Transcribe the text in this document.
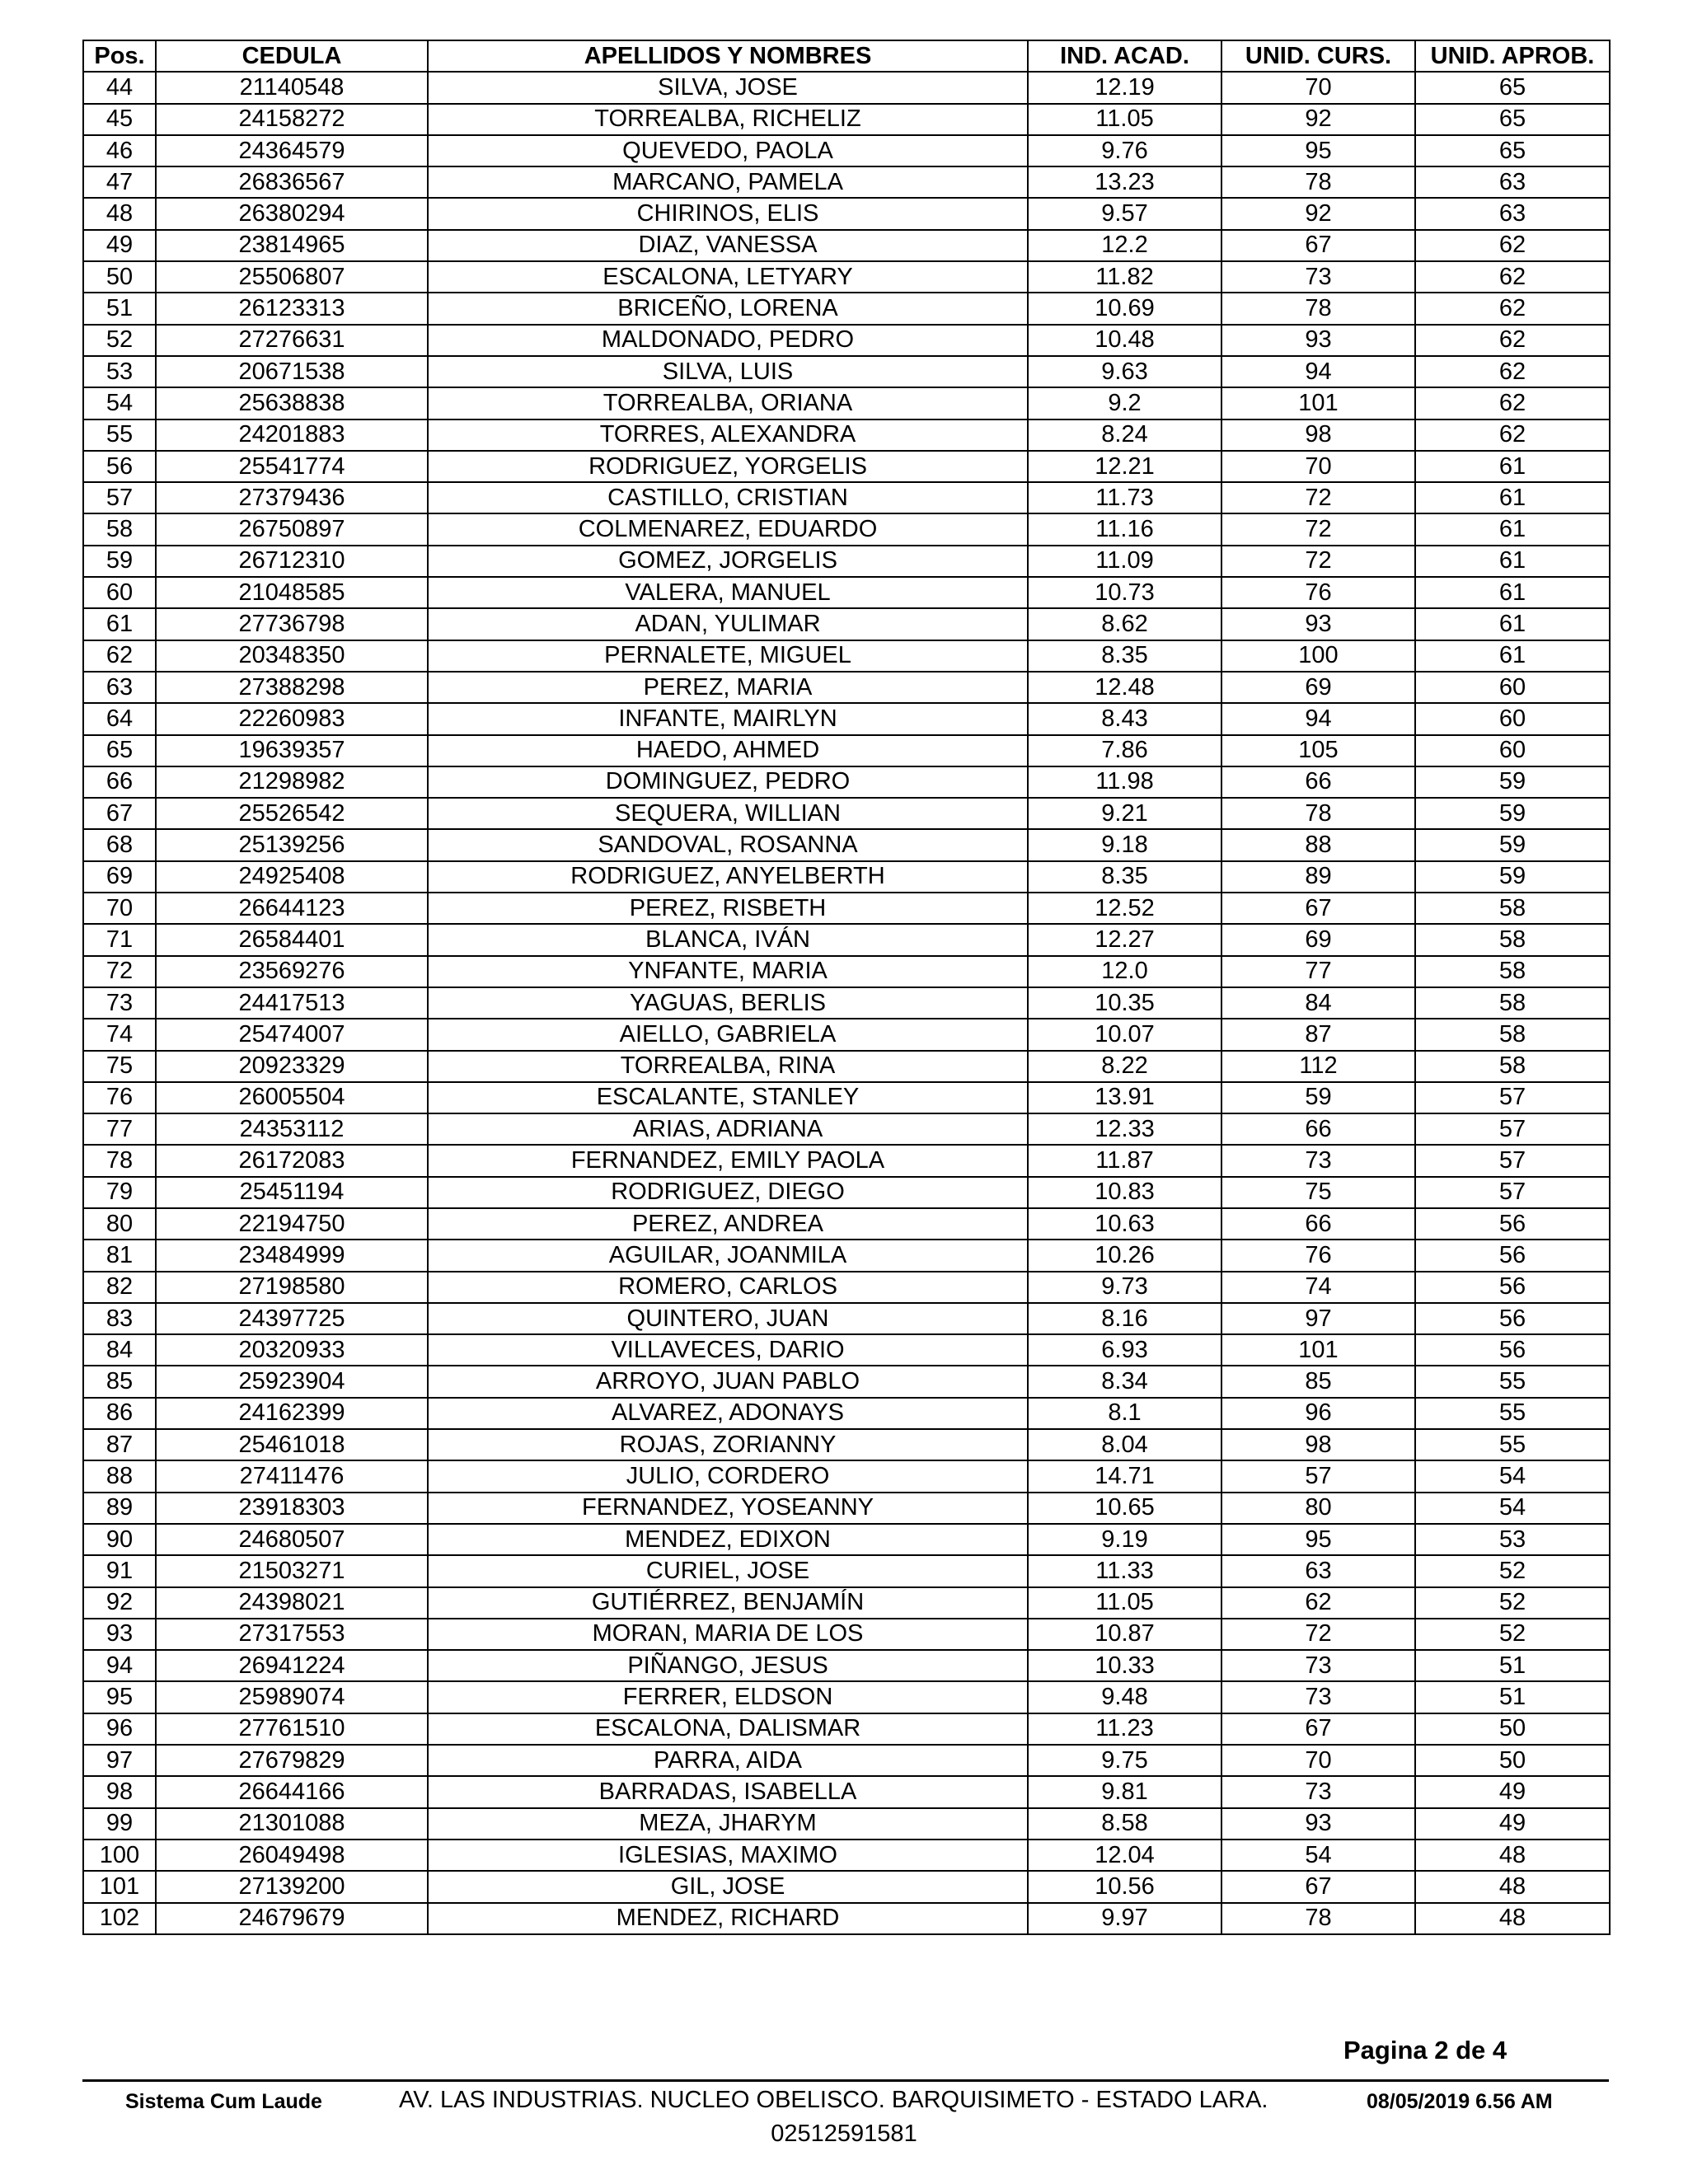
Pos.	CEDULA	APELLIDOS Y NOMBRES	IND. ACAD.	UNID. CURS.	UNID. APROB.
44	21140548	SILVA, JOSE	12.19	70	65
45	24158272	TORREALBA, RICHELIZ	11.05	92	65
46	24364579	QUEVEDO, PAOLA	9.76	95	65
47	26836567	MARCANO, PAMELA	13.23	78	63
48	26380294	CHIRINOS, ELIS	9.57	92	63
49	23814965	DIAZ, VANESSA	12.2	67	62
50	25506807	ESCALONA, LETYARY	11.82	73	62
51	26123313	BRICEÑO, LORENA	10.69	78	62
52	27276631	MALDONADO, PEDRO	10.48	93	62
53	20671538	SILVA, LUIS	9.63	94	62
54	25638838	TORREALBA, ORIANA	9.2	101	62
55	24201883	TORRES, ALEXANDRA	8.24	98	62
56	25541774	RODRIGUEZ, YORGELIS	12.21	70	61
57	27379436	CASTILLO, CRISTIAN	11.73	72	61
58	26750897	COLMENAREZ, EDUARDO	11.16	72	61
59	26712310	GOMEZ, JORGELIS	11.09	72	61
60	21048585	VALERA, MANUEL	10.73	76	61
61	27736798	ADAN, YULIMAR	8.62	93	61
62	20348350	PERNALETE, MIGUEL	8.35	100	61
63	27388298	PEREZ, MARIA	12.48	69	60
64	22260983	INFANTE, MAIRLYN	8.43	94	60
65	19639357	HAEDO, AHMED	7.86	105	60
66	21298982	DOMINGUEZ, PEDRO	11.98	66	59
67	25526542	SEQUERA, WILLIAN	9.21	78	59
68	25139256	SANDOVAL, ROSANNA	9.18	88	59
69	24925408	RODRIGUEZ, ANYELBERTH	8.35	89	59
70	26644123	PEREZ, RISBETH	12.52	67	58
71	26584401	BLANCA, IVÁN	12.27	69	58
72	23569276	YNFANTE, MARIA	12.0	77	58
73	24417513	YAGUAS, BERLIS	10.35	84	58
74	25474007	AIELLO, GABRIELA	10.07	87	58
75	20923329	TORREALBA, RINA	8.22	112	58
76	26005504	ESCALANTE, STANLEY	13.91	59	57
77	24353112	ARIAS, ADRIANA	12.33	66	57
78	26172083	FERNANDEZ, EMILY PAOLA	11.87	73	57
79	25451194	RODRIGUEZ, DIEGO	10.83	75	57
80	22194750	PEREZ, ANDREA	10.63	66	56
81	23484999	AGUILAR, JOANMILA	10.26	76	56
82	27198580	ROMERO, CARLOS	9.73	74	56
83	24397725	QUINTERO, JUAN	8.16	97	56
84	20320933	VILLAVECES, DARIO	6.93	101	56
85	25923904	ARROYO, JUAN PABLO	8.34	85	55
86	24162399	ALVAREZ, ADONAYS	8.1	96	55
87	25461018	ROJAS, ZORIANNY	8.04	98	55
88	27411476	JULIO, CORDERO	14.71	57	54
89	23918303	FERNANDEZ, YOSEANNY	10.65	80	54
90	24680507	MENDEZ, EDIXON	9.19	95	53
91	21503271	CURIEL, JOSE	11.33	63	52
92	24398021	GUTIÉRREZ, BENJAMÍN	11.05	62	52
93	27317553	MORAN, MARIA DE LOS	10.87	72	52
94	26941224	PIÑANGO, JESUS	10.33	73	51
95	25989074	FERRER, ELDSON	9.48	73	51
96	27761510	ESCALONA, DALISMAR	11.23	67	50
97	27679829	PARRA, AIDA	9.75	70	50
98	26644166	BARRADAS, ISABELLA	9.81	73	49
99	21301088	MEZA, JHARYM	8.58	93	49
100	26049498	IGLESIAS, MAXIMO	12.04	54	48
101	27139200	GIL, JOSE	10.56	67	48
102	24679679	MENDEZ, RICHARD	9.97	78	48
Pagina 2 de 4
Sistema Cum Laude	AV. LAS INDUSTRIAS. NUCLEO OBELISCO. BARQUISIMETO - ESTADO LARA.	08/05/2019 6.56 AM
02512591581
